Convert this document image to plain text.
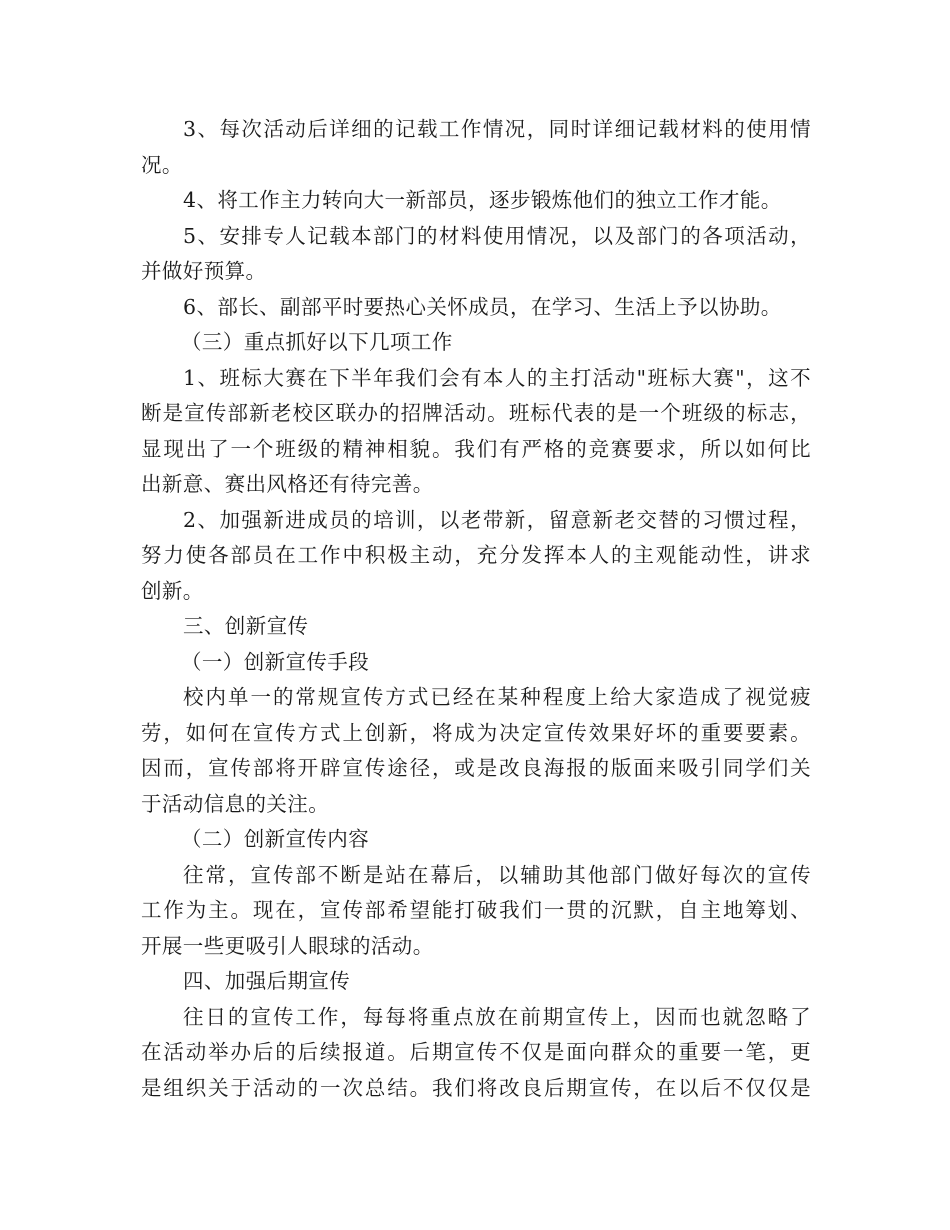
3、每次活动后详细的记载工作情况，同时详细记载材料的使用情
况。
4、将工作主力转向大一新部员，逐步锻炼他们的独立工作才能。
5、安排专人记载本部门的材料使用情况，以及部门的各项活动，
并做好预算。
6、部长、副部平时要热心关怀成员，在学习、生活上予以协助。
（三）重点抓好以下几项工作
1、班标大赛在下半年我们会有本人的主打活动"班标大赛"，这不
断是宣传部新老校区联办的招牌活动。班标代表的是一个班级的标志，
显现出了一个班级的精神相貌。我们有严格的竞赛要求，所以如何比
出新意、赛出风格还有待完善。
2、加强新进成员的培训，以老带新，留意新老交替的习惯过程，
努力使各部员在工作中积极主动，充分发挥本人的主观能动性，讲求
创新。
三、创新宣传
（一）创新宣传手段
校内单一的常规宣传方式已经在某种程度上给大家造成了视觉疲
劳，如何在宣传方式上创新，将成为决定宣传效果好坏的重要要素。
因而，宣传部将开辟宣传途径，或是改良海报的版面来吸引同学们关
于活动信息的关注。
（二）创新宣传内容
往常，宣传部不断是站在幕后，以辅助其他部门做好每次的宣传
工作为主。现在，宣传部希望能打破我们一贯的沉默，自主地筹划、
开展一些更吸引人眼球的活动。
四、加强后期宣传
往日的宣传工作，每每将重点放在前期宣传上，因而也就忽略了
在活动举办后的后续报道。后期宣传不仅是面向群众的重要一笔，更
是组织关于活动的一次总结。我们将改良后期宣传，在以后不仅仅是
